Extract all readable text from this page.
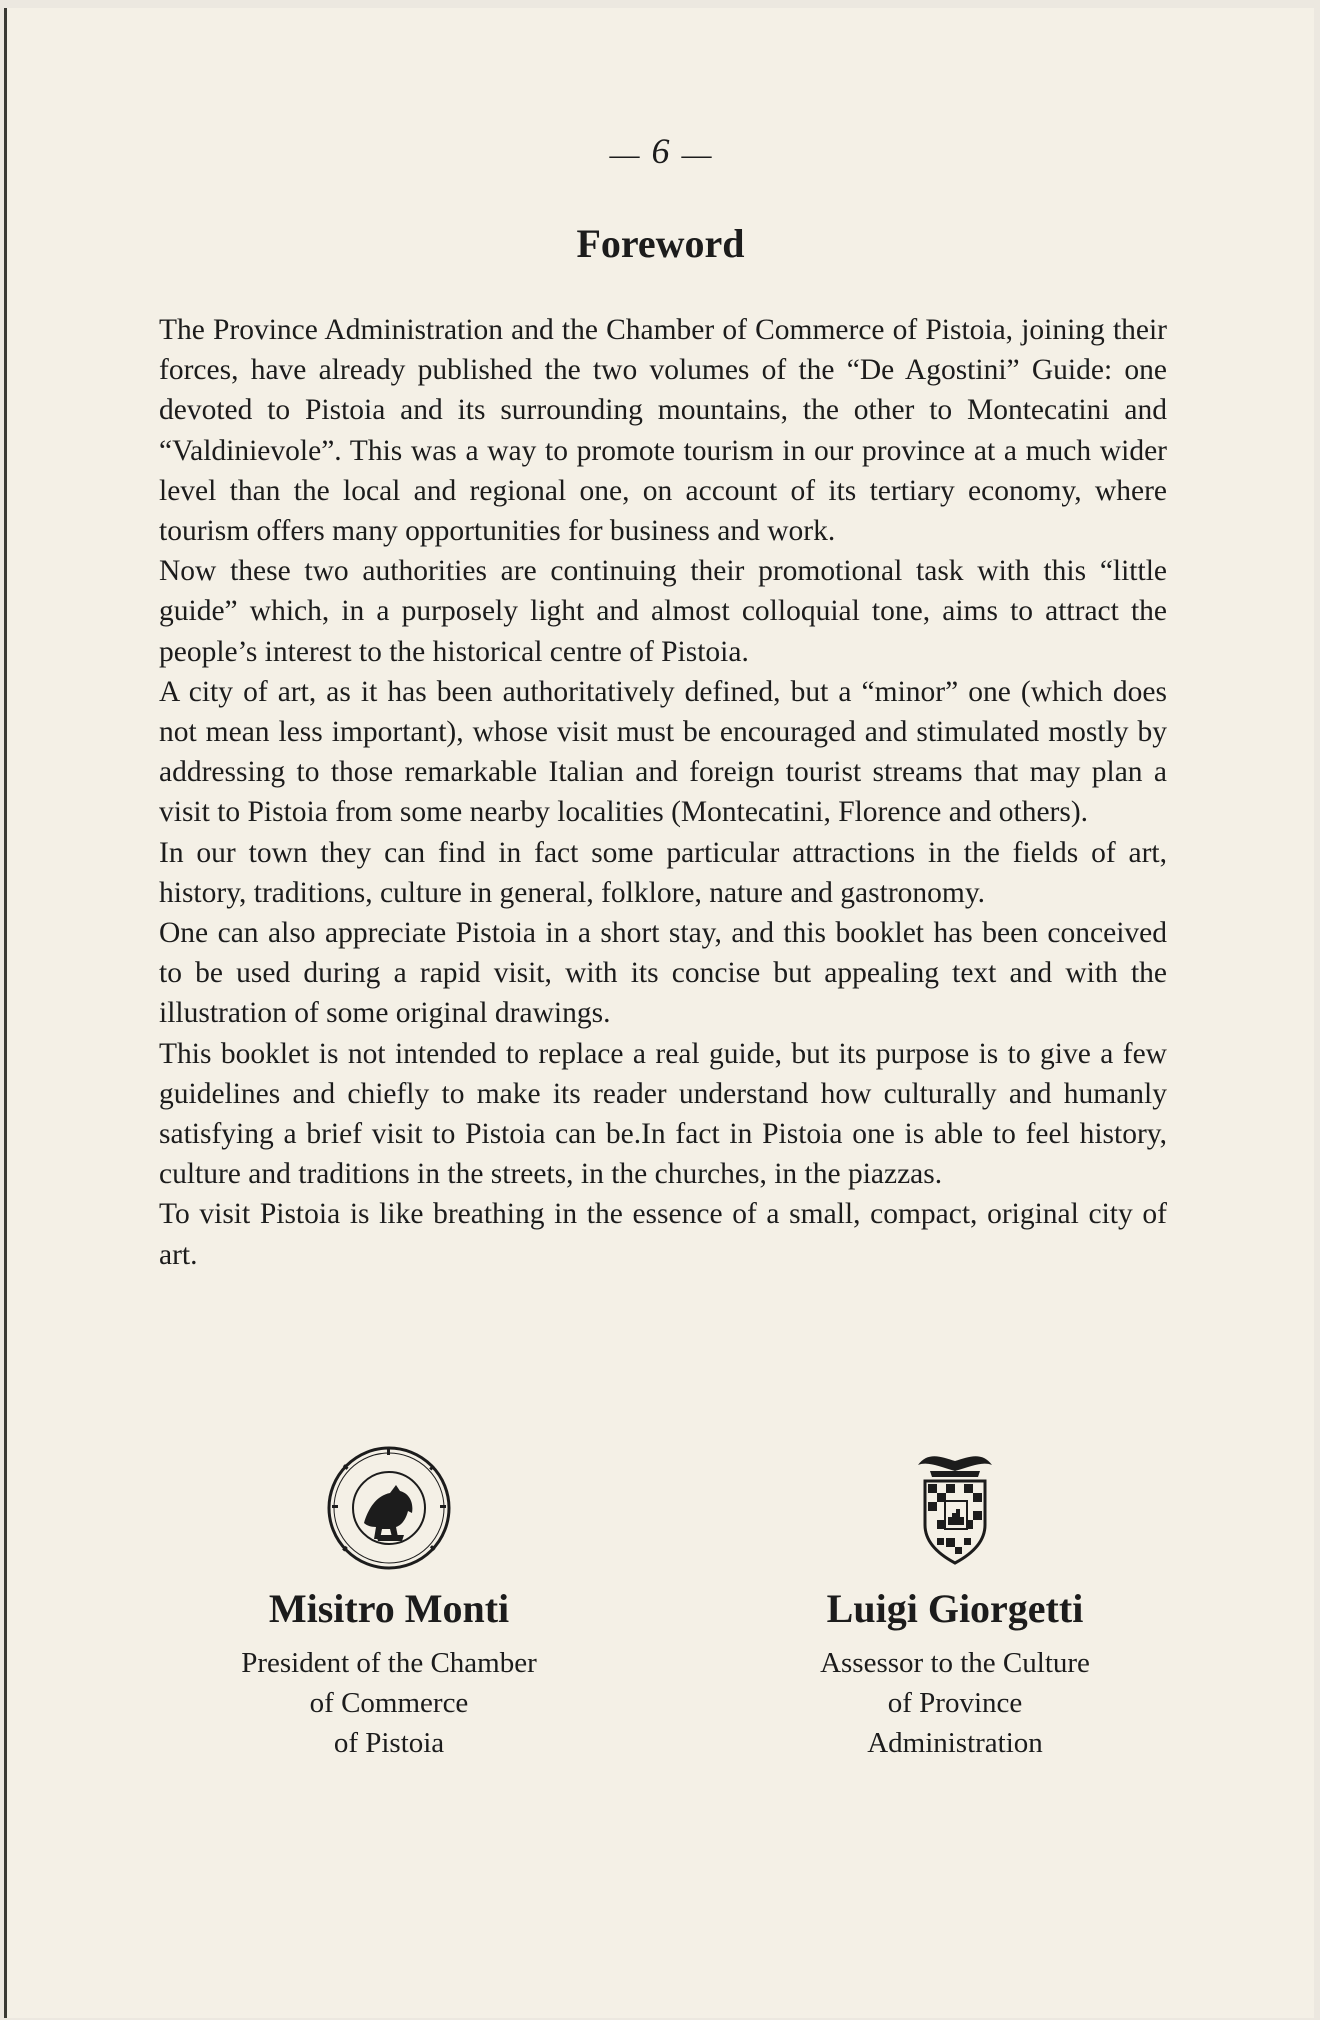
— 6 —
Foreword

The Province Administration and the Chamber of Commerce of Pistoia, joining their forces, have already published the two volumes of the “De Agostini” Guide: one devoted to Pistoia and its surrounding mountains, the other to Montecatini and “Valdinievole”. This was a way to promote tourism in our province at a much wider level than the local and regional one, on account of its tertiary economy, where tourism offers many opportunities for business and work.

Now these two authorities are continuing their promotional task with this “little guide” which, in a purposely light and almost colloquial tone, aims to attract the people’s interest to the historical centre of Pistoia.

A city of art, as it has been authoritatively defined, but a “minor” one (which does not mean less important), whose visit must be encouraged and stimulated mostly by addressing to those remarkable Italian and foreign tourist streams that may plan a visit to Pistoia from some nearby localities (Montecatini, Florence and others).

In our town they can find in fact some particular attractions in the fields of art, history, traditions, culture in general, folklore, nature and gastronomy.

One can also appreciate Pistoia in a short stay, and this booklet has been conceived to be used during a rapid visit, with its concise but appealing text and with the illustration of some original drawings.

This booklet is not intended to replace a real guide, but its purpose is to give a few guidelines and chiefly to make its reader understand how culturally and humanly satisfying a brief visit to Pistoia can be.In fact in Pistoia one is able to feel history, culture and traditions in the streets, in the churches, in the piazzas.

To visit Pistoia is like breathing in the essence of a small, compact, original city of art.

Misitro Monti
President of the Chamber
of Commerce
of Pistoia
Luigi Giorgetti
Assessor to the Culture
of Province
Administration
